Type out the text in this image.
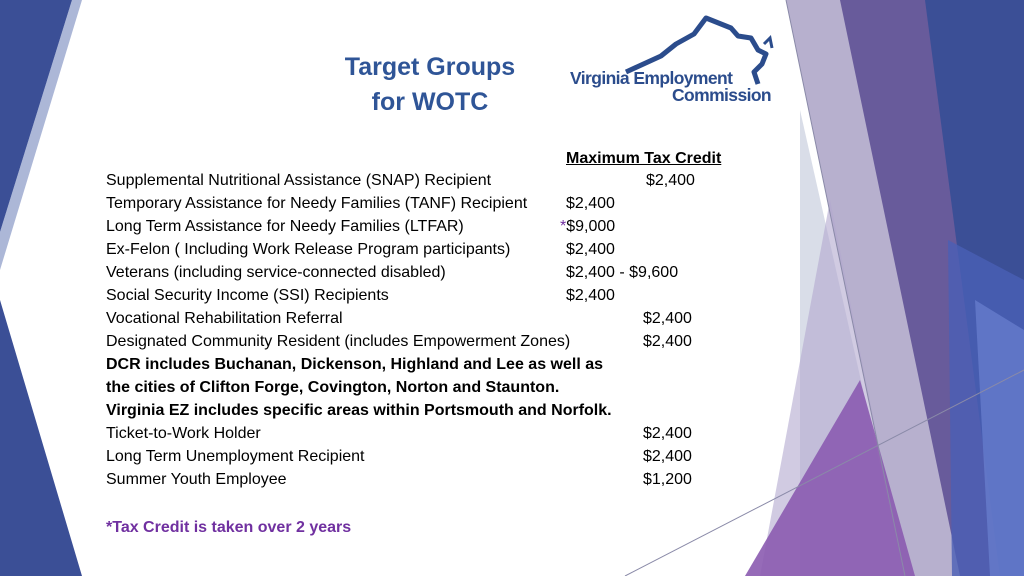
Target Groups
for WOTC
Virginia Employment
Commission
Maximum Tax Credit
Supplemental Nutritional Assistance (SNAP) Recipient	$2,400
Temporary Assistance for Needy Families (TANF) Recipient $2,400
Long Term Assistance for Needy Families (LTFAR)	*$9,000
Ex-Felon ( Including Work Release Program participants)	$2,400
Veterans (including service-connected disabled)	$2,400 - $9,600
Social Security Income (SSI) Recipients	$2,400
Vocational Rehabilitation Referral	$2,400
Designated Community Resident (includes Empowerment Zones)	$2,400
DCR includes Buchanan, Dickenson, Highland and Lee as well as
the cities of Clifton Forge, Covington, Norton and Staunton.
Virginia EZ includes specific areas within Portsmouth and Norfolk.
Ticket-to-Work Holder	$2,400
Long Term Unemployment Recipient	$2,400
Summer Youth Employee	$1,200
*Tax Credit is taken over 2 years
